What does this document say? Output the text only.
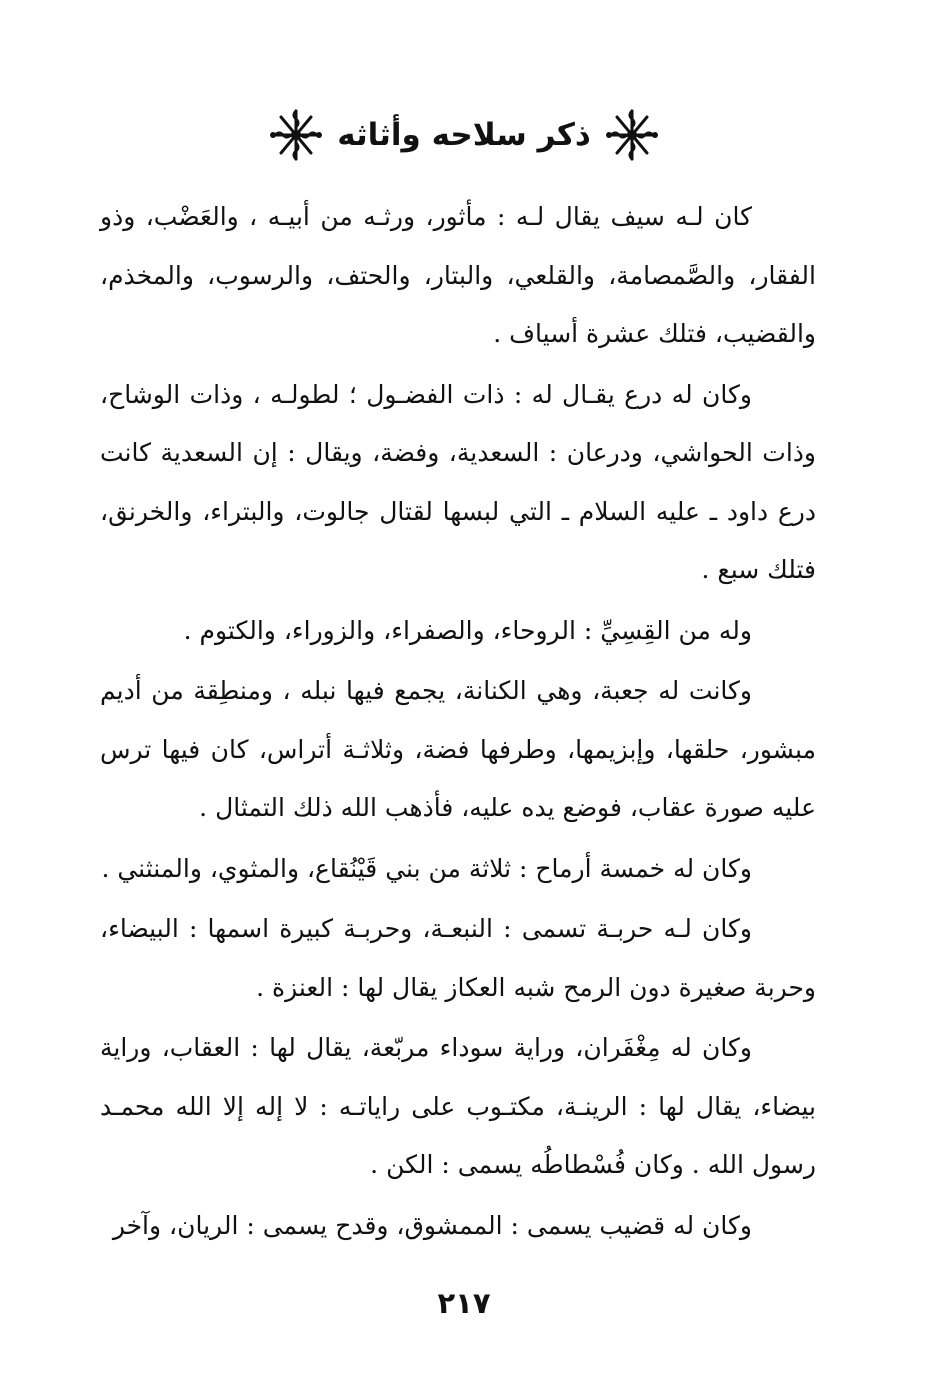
ذكر سلاحه وأثاثه

كان لـه سيف يقال لـه : مأثور، ورثـه من أبيـه ، والعَضْب، وذو الفقار، والصَّمصامة، والقلعي، والبتار، والحتف، والرسوب، والمخذم، والقضيب، فتلك عشرة أسياف .

وكان له درع يقـال له : ذات الفضـول ؛ لطولـه ، وذات الوشاح، وذات الحواشي، ودرعان : السعدية، وفضة، ويقال : إن السعدية كانت درع داود ـ عليه السلام ـ التي لبسها لقتال جالوت، والبتراء، والخرنق، فتلك سبع .

وله من القِسِيِّ : الروحاء، والصفراء، والزوراء، والكتوم .

وكانت له جعبة، وهي الكنانة، يجمع فيها نبله ، ومنطِقة من أديم مبشور، حلقها، وإبزيمها، وطرفها فضة، وثلاثـة أتراس، كان فيها ترس عليه صورة عقاب، فوضع يده عليه، فأذهب الله ذلك التمثال .

وكان له خمسة أرماح : ثلاثة من بني قَيْنُقاع، والمثوي، والمنثني .

وكان لـه حربـة تسمى : النبعـة، وحربـة كبيرة اسمها : البيضاء، وحربة صغيرة دون الرمح شبه العكاز يقال لها : العنزة .

وكان له مِغْفَران، وراية سوداء مربّعة، يقال لها : العقاب، وراية بيضاء، يقال لها : الرينـة، مكتـوب على راياتـه : لا إله إلا الله محمـد رسول الله . وكان فُسْطاطُه يسمى : الكن .

وكان له قضيب يسمى : الممشوق، وقدح يسمى : الريان، وآخر

٢١٧
